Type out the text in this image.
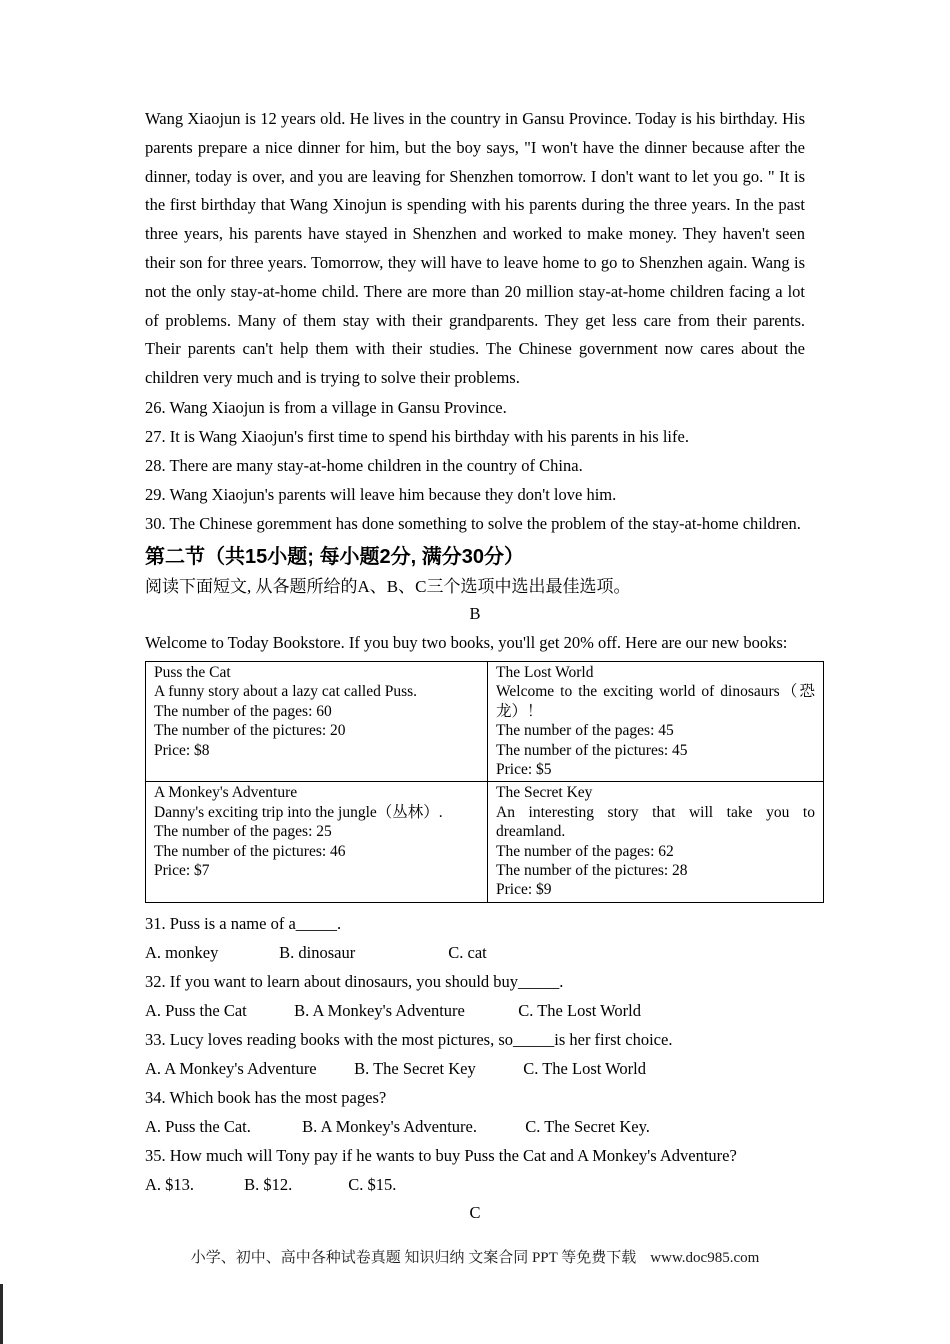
Wang Xiaojun is 12 years old. He lives in the country in Gansu Province. Today is his birthday. His parents prepare a nice dinner for him, but the boy says, "I won't have the dinner because after the dinner, today is over, and you are leaving for Shenzhen tomorrow. I don't want to let you go. " It is the first birthday that Wang Xinojun is spending with his parents during the three years. In the past three years, his parents have stayed in Shenzhen and worked to make money. They haven't seen their son for three years. Tomorrow, they will have to leave home to go to Shenzhen again. Wang is not the only stay-at-home child. There are more than 20 million stay-at-home children facing a lot of problems. Many of them stay with their grandparents. They get less care from their parents. Their parents can't help them with their studies. The Chinese government now cares about the children very much and is trying to solve their problems.

26. Wang Xiaojun is from a village in Gansu Province.
27. It is Wang Xiaojun's first time to spend his birthday with his parents in his life.
28. There are many stay-at-home children in the country of China.
29. Wang Xiaojun's parents will leave him because they don't love him.
30. The Chinese goremment has done something to solve the problem of the stay-at-home children.
第二节（共15小题; 每小题2分, 满分30分）

阅读下面短文, 从各题所给的A、B、C三个选项中选出最佳选项。

B

Welcome to Today Bookstore. If you buy two books, you'll get 20% off. Here are our new books:

Puss the Cat
A funny story about a lazy cat called Puss.
The number of the pages: 60
The number of the pictures: 20
Price: $8

The Lost World
Welcome to the exciting world of dinosaurs（恐龙）！
The number of the pages: 45
The number of the pictures: 45
Price: $5

A Monkey's Adventure
Danny's exciting trip into the jungle（丛林）.
The number of the pages: 25
The number of the pictures: 46
Price: $7

The Secret Key
An interesting story that will take you to dreamland.
The number of the pages: 62
The number of the pictures: 28
Price: $9
31. Puss is a name of a_____.
A. monkey	B. dinosaur	C. cat
32. If you want to learn about dinosaurs, you should buy_____.
A. Puss the Cat	B. A Monkey's Adventure	C. The Lost World
33. Lucy loves reading books with the most pictures, so_____is her first choice.
A. A Monkey's Adventure B. The Secret Key	C. The Lost World
34. Which book has the most pages?
A. Puss the Cat.	B. A Monkey's Adventure.	C. The Secret Key.
35. How much will Tony pay if he wants to buy Puss the Cat and A Monkey's Adventure?
A. $13.	B. $12.	C. $15.
C
小学、初中、高中各种试卷真题 知识归纳 文案合同 PPT 等免费下载 www.doc985.com
